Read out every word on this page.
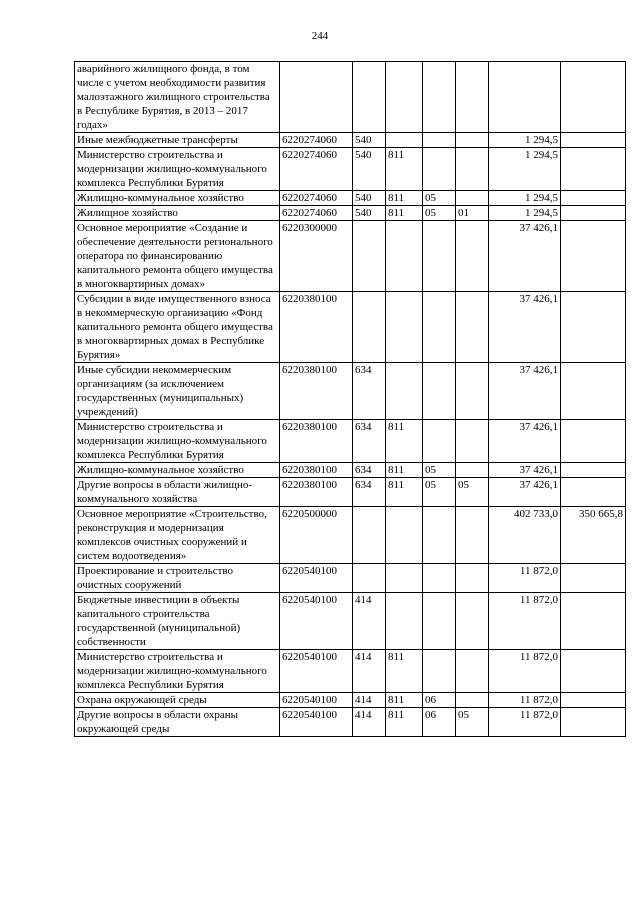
244
аварийного жилищного фонда, в том числе с учетом необходимости развития малоэтажного жилищного строительства в Республике Бурятия, в 2013 – 2017 годах»							
Иные межбюджетные трансферты	6220274060	540				1 294,5	
Министерство строительства и модернизации жилищно-коммунального комплекса Республики Бурятия	6220274060	540	811			1 294,5	
Жилищно-коммунальное хозяйство	6220274060	540	811	05		1 294,5	
Жилищное хозяйство	6220274060	540	811	05	01	1 294,5	
Основное мероприятие «Создание и обеспечение деятельности регионального оператора по финансированию капитального ремонта общего имущества в многоквартирных домах»	6220300000					37 426,1	
Субсидии в виде имущественного взноса в некоммерческую организацию «Фонд капитального ремонта общего имущества в многоквартирных домах в Республике Бурятия»	6220380100					37 426,1	
Иные субсидии некоммерческим организациям (за исключением государственных (муниципальных) учреждений)	6220380100	634				37 426,1	
Министерство строительства и модернизации жилищно-коммунального комплекса Республики Бурятия	6220380100	634	811			37 426,1	
Жилищно-коммунальное хозяйство	6220380100	634	811	05		37 426,1	
Другие вопросы в области жилищно-коммунального хозяйства	6220380100	634	811	05	05	37 426,1	
Основное мероприятие «Строительство, реконструкция и модернизация комплексов очистных сооружений и систем водоотведения»	6220500000					402 733,0	350 665,8
Проектирование и строительство очистных сооружений	6220540100					11 872,0	
Бюджетные инвестиции в объекты капитального строительства государственной (муниципальной) собственности	6220540100	414				11 872,0	
Министерство строительства и модернизации жилищно-коммунального комплекса Республики Бурятия	6220540100	414	811			11 872,0	
Охрана окружающей среды	6220540100	414	811	06		11 872,0	
Другие вопросы в области охраны окружающей среды	6220540100	414	811	06	05	11 872,0	
